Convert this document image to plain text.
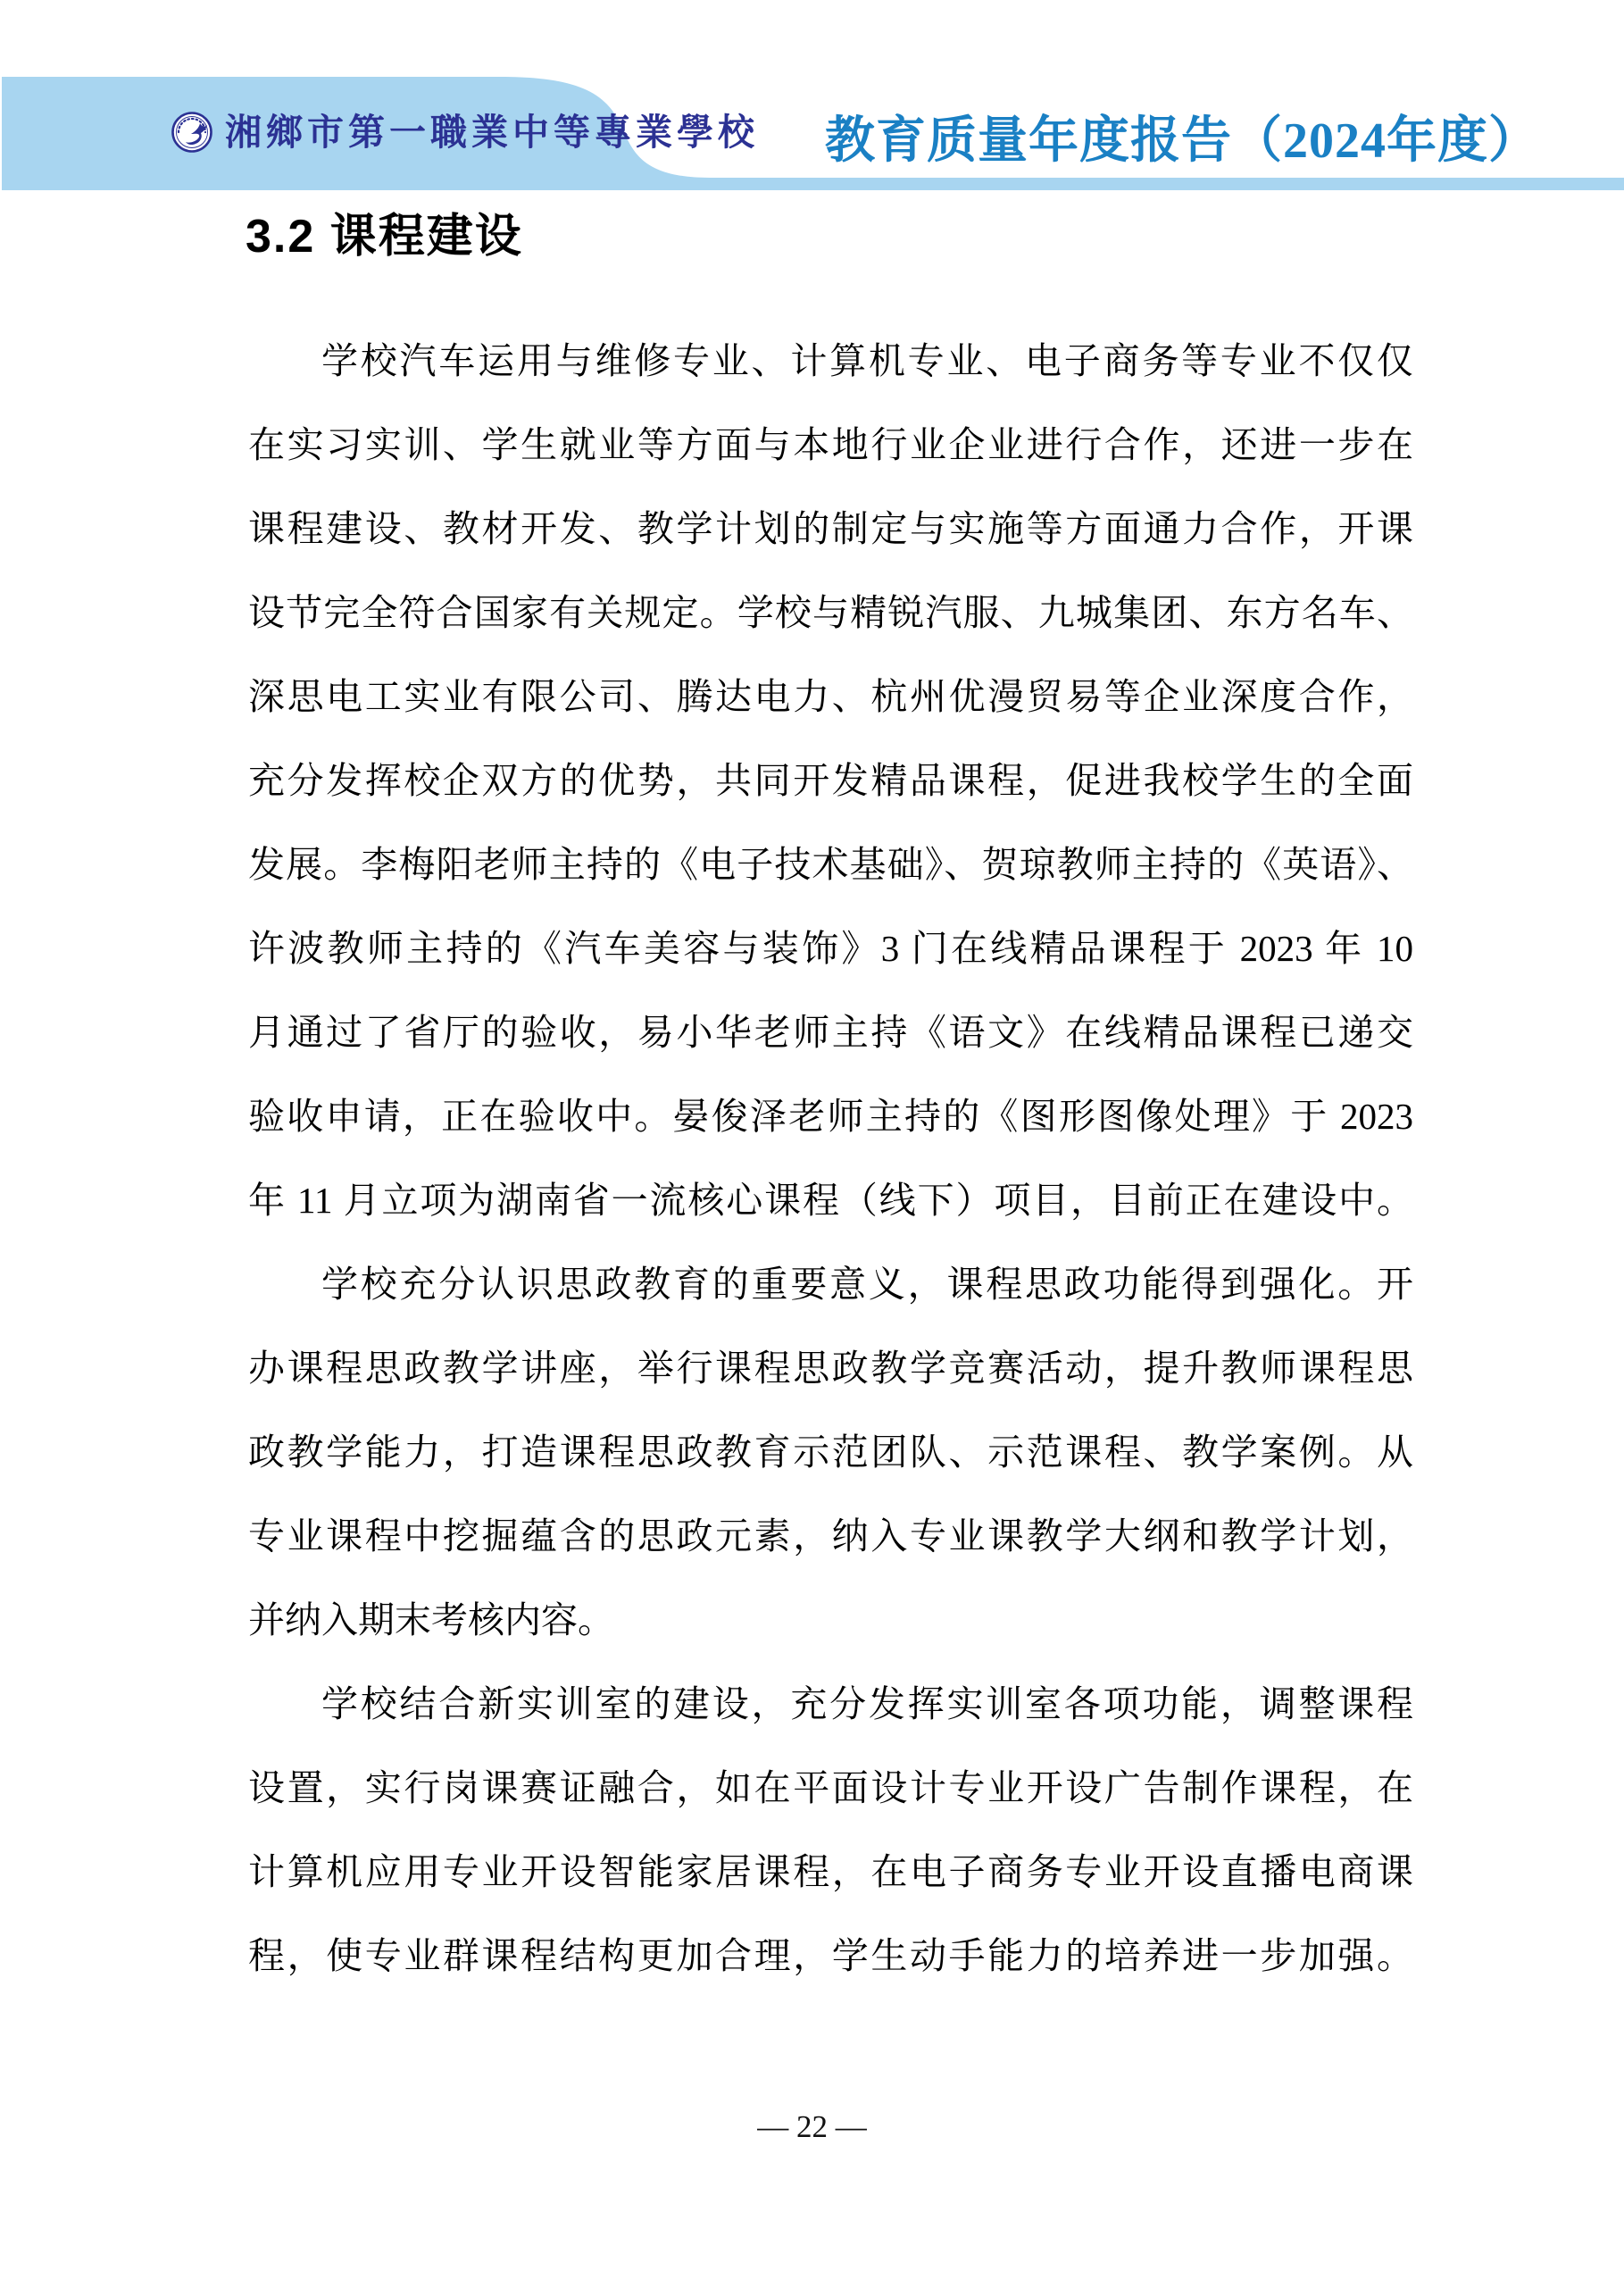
湘鄉市第一職業中等專業學校 教育质量年度报告（2024年度）
3.2 课程建设
学校汽车运用与维修专业、计算机专业、电子商务等专业不仅仅
在实习实训、学生就业等方面与本地行业企业进行合作，还进一步在
课程建设、教材开发、教学计划的制定与实施等方面通力合作，开课
设节完全符合国家有关规定。学校与精锐汽服、九城集团、东方名车、
深思电工实业有限公司、腾达电力、杭州优漫贸易等企业深度合作，
充分发挥校企双方的优势，共同开发精品课程，促进我校学生的全面
发展。李梅阳老师主持的《电子技术基础》、贺琼教师主持的《英语》、
许波教师主持的《汽车美容与装饰》3 门在线精品课程于 2023 年 10
月通过了省厅的验收，易小华老师主持《语文》在线精品课程已递交
验收申请，正在验收中。晏俊泽老师主持的《图形图像处理》于 2023
年 11 月立项为湖南省一流核心课程（线下）项目，目前正在建设中。
学校充分认识思政教育的重要意义，课程思政功能得到强化。开
办课程思政教学讲座，举行课程思政教学竞赛活动，提升教师课程思
政教学能力，打造课程思政教育示范团队、示范课程、教学案例。从
专业课程中挖掘蕴含的思政元素，纳入专业课教学大纲和教学计划，
并纳入期末考核内容。
学校结合新实训室的建设，充分发挥实训室各项功能，调整课程
设置，实行岗课赛证融合，如在平面设计专业开设广告制作课程，在
计算机应用专业开设智能家居课程，在电子商务专业开设直播电商课
程，使专业群课程结构更加合理，学生动手能力的培养进一步加强。
— 22 —
